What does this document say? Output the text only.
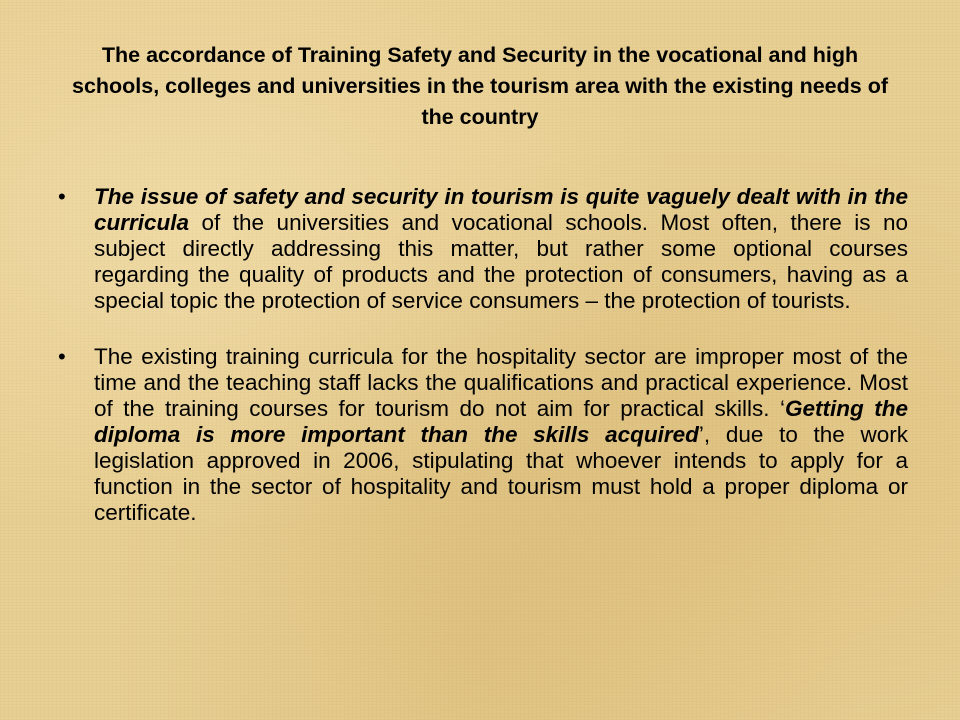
The accordance of Training Safety and Security in the vocational and high schools, colleges and universities in the tourism area with the existing needs of the country
•	The issue of safety and security in tourism is quite vaguely dealt with in the curricula of the universities and vocational schools. Most often, there is no subject directly addressing this matter, but rather some optional courses regarding the quality of products and the protection of consumers, having as a special topic the protection of service consumers – the protection of tourists.
•	The existing training curricula for the hospitality sector are improper most of the time and the teaching staff lacks the qualifications and practical experience. Most of the training courses for tourism do not aim for practical skills. ‘Getting the diploma is more important than the skills acquired’, due to the work legislation approved in 2006, stipulating that whoever intends to apply for a function in the sector of hospitality and tourism must hold a proper diploma or certificate.
